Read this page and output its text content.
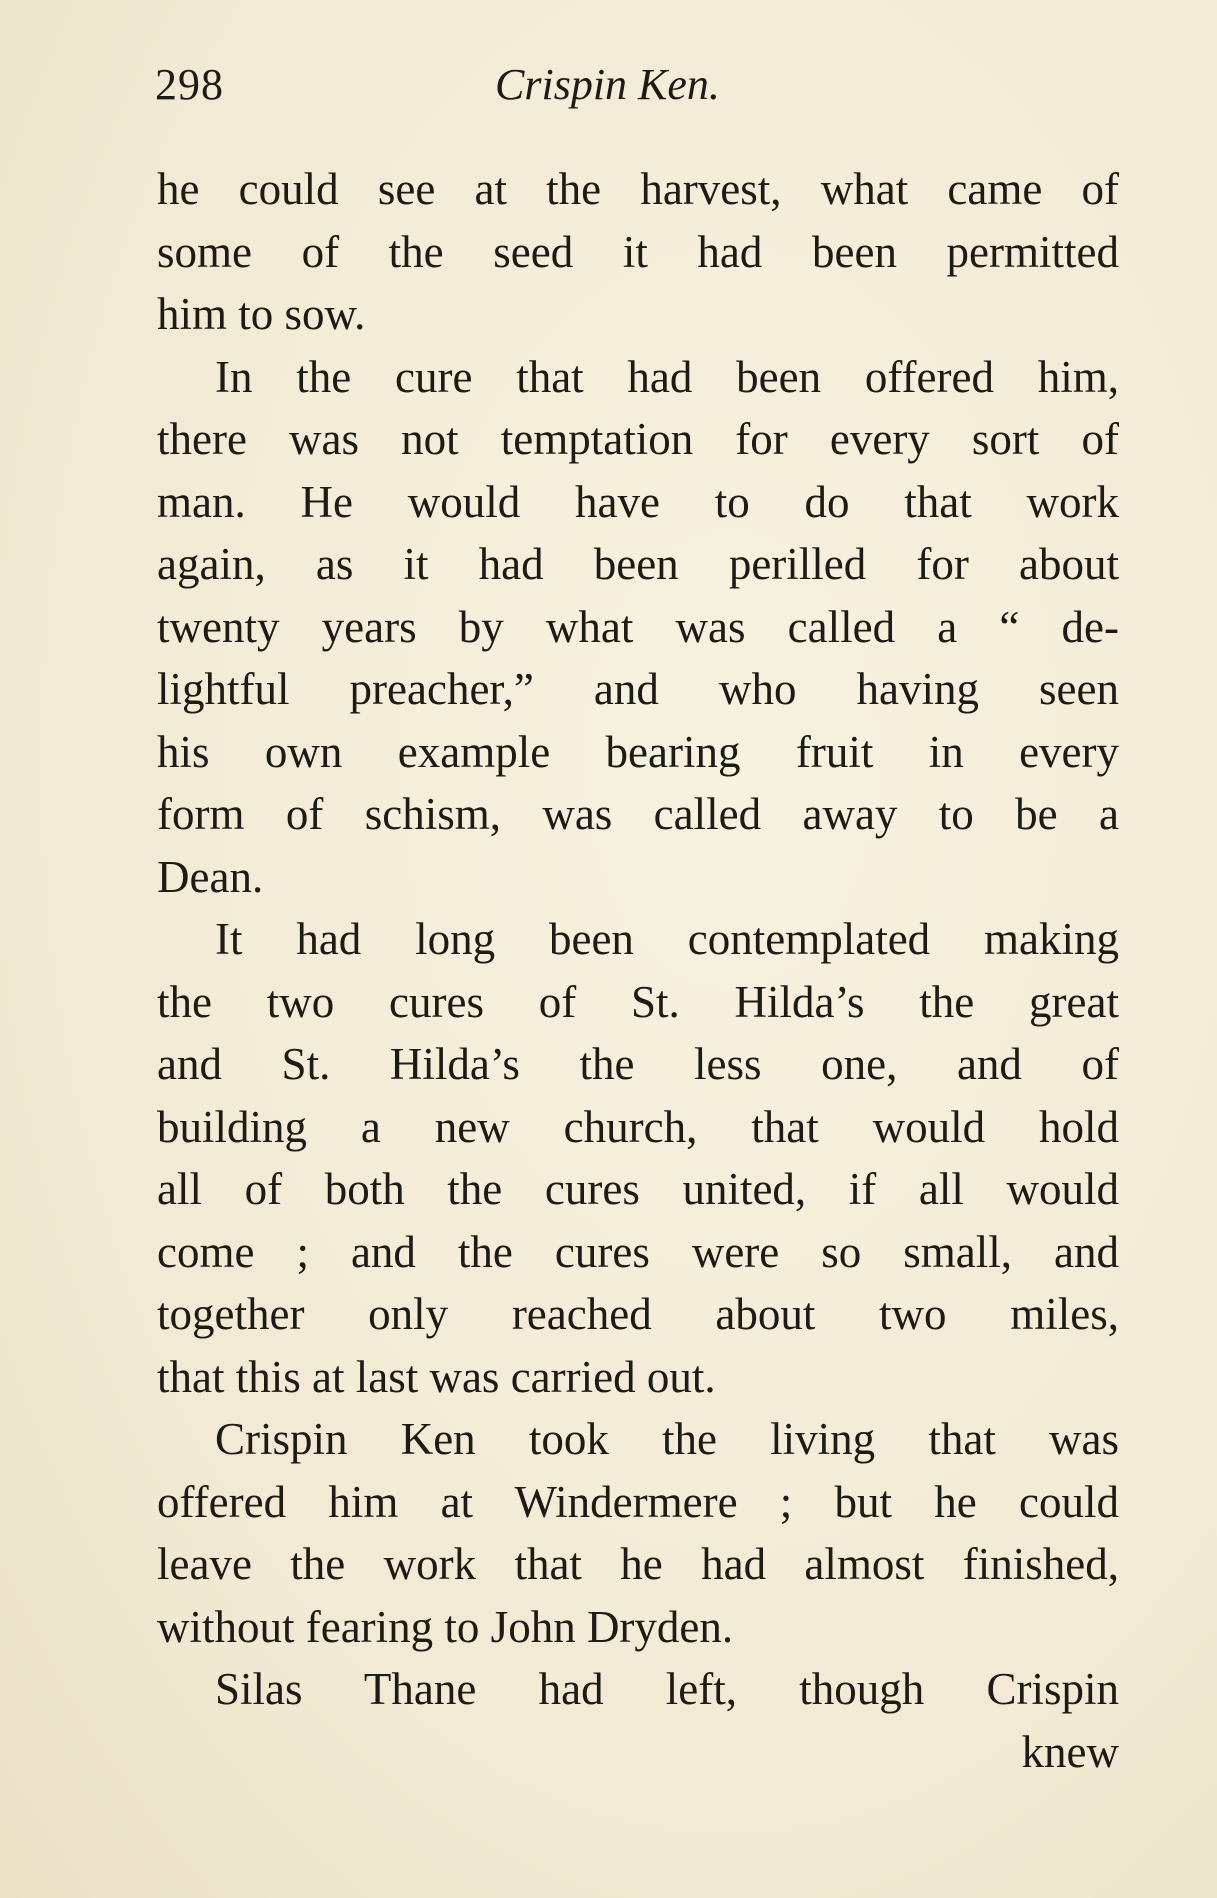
298	Crispin Ken.
he could see at the harvest, what came of
some of the seed it had been permitted
him to sow.
In the cure that had been offered him,
there was not temptation for every sort of
man. He would have to do that work
again, as it had been perilled for about
twenty years by what was called a “ de-
lightful preacher,” and who having seen
his own example bearing fruit in every
form of schism, was called away to be a
Dean.
It had long been contemplated making
the two cures of St. Hilda’s the great
and St. Hilda’s the less one, and of
building a new church, that would hold
all of both the cures united, if all would
come ; and the cures were so small, and
together only reached about two miles,
that this at last was carried out.
Crispin Ken took the living that was
offered him at Windermere ; but he could
leave the work that he had almost finished,
without fearing to John Dryden.
Silas Thane had left, though Crispin
knew
